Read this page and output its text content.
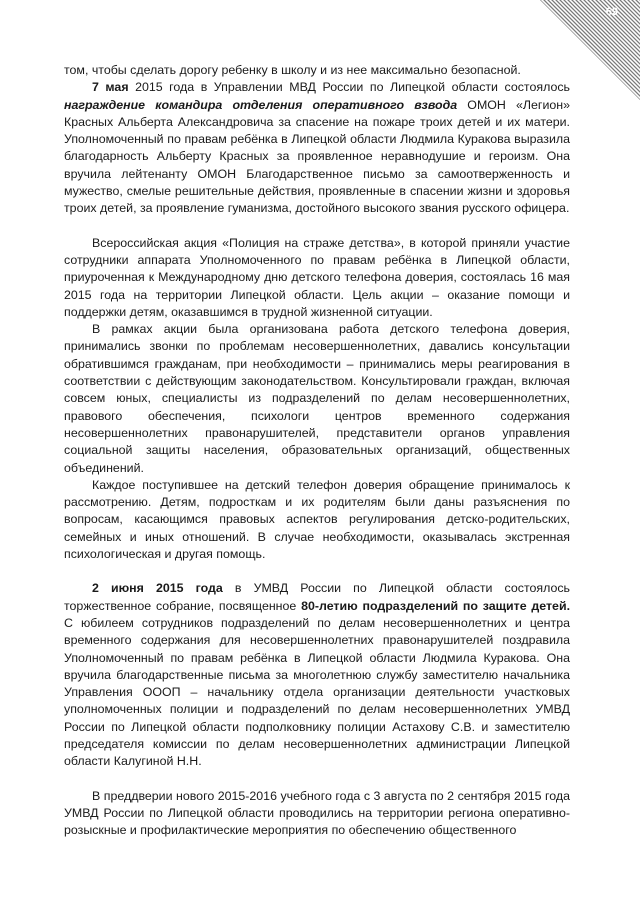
69

том, чтобы сделать дорогу ребенку в школу и из нее максимально безопасной.

7 мая 2015 года в Управлении МВД России по Липецкой области состоялось награждение командира отделения оперативного взвода ОМОН «Легион» Красных Альберта Александровича за спасение на пожаре троих детей и их матери. Уполномоченный по правам ребёнка в Липецкой области Людмила Куракова выразила благодарность Альберту Красных за проявленное неравнодушие и героизм. Она вручила лейтенанту ОМОН Благодарственное письмо за самоотверженность и мужество, смелые решительные действия, проявленные в спасении жизни и здоровья троих детей, за проявление гуманизма, достойного высокого звания русского офицера.

Всероссийская акция «Полиция на страже детства», в которой приняли участие сотрудники аппарата Уполномоченного по правам ребёнка в Липецкой области, приуроченная к Международному дню детского телефона доверия, состоялась 16 мая 2015 года на территории Липецкой области. Цель акции – оказание помощи и поддержки детям, оказавшимся в трудной жизненной ситуации.

В рамках акции была организована работа детского телефона доверия, принимались звонки по проблемам несовершеннолетних, давались консультации обратившимся гражданам, при необходимости – принимались меры реагирования в соответствии с действующим законодательством. Консультировали граждан, включая совсем юных, специалисты из подразделений по делам несовершеннолетних, правового обеспечения, психологи центров временного содержания несовершеннолетних правонарушителей, представители органов управления социальной защиты населения, образовательных организаций, общественных объединений.

Каждое поступившее на детский телефон доверия обращение принималось к рассмотрению. Детям, подросткам и их родителям были даны разъяснения по вопросам, касающимся правовых аспектов регулирования детско-родительских, семейных и иных отношений. В случае необходимости, оказывалась экстренная психологическая и другая помощь.

2 июня 2015 года в УМВД России по Липецкой области состоялось торжественное собрание, посвященное 80-летию подразделений по защите детей. С юбилеем сотрудников подразделений по делам несовершеннолетних и центра временного содержания для несовершеннолетних правонарушителей поздравила Уполномоченный по правам ребёнка в Липецкой области Людмила Куракова. Она вручила благодарственные письма за многолетнюю службу заместителю начальника Управления ОООП – начальнику отдела организации деятельности участковых уполномоченных полиции и подразделений по делам несовершеннолетних УМВД России по Липецкой области подполковнику полиции Астахову С.В. и заместителю председателя комиссии по делам несовершеннолетних администрации Липецкой области Калугиной Н.Н.

В преддверии нового 2015-2016 учебного года с 3 августа по 2 сентября 2015 года УМВД России по Липецкой области проводились на территории региона оперативно-розыскные и профилактические мероприятия по обеспечению общественного
